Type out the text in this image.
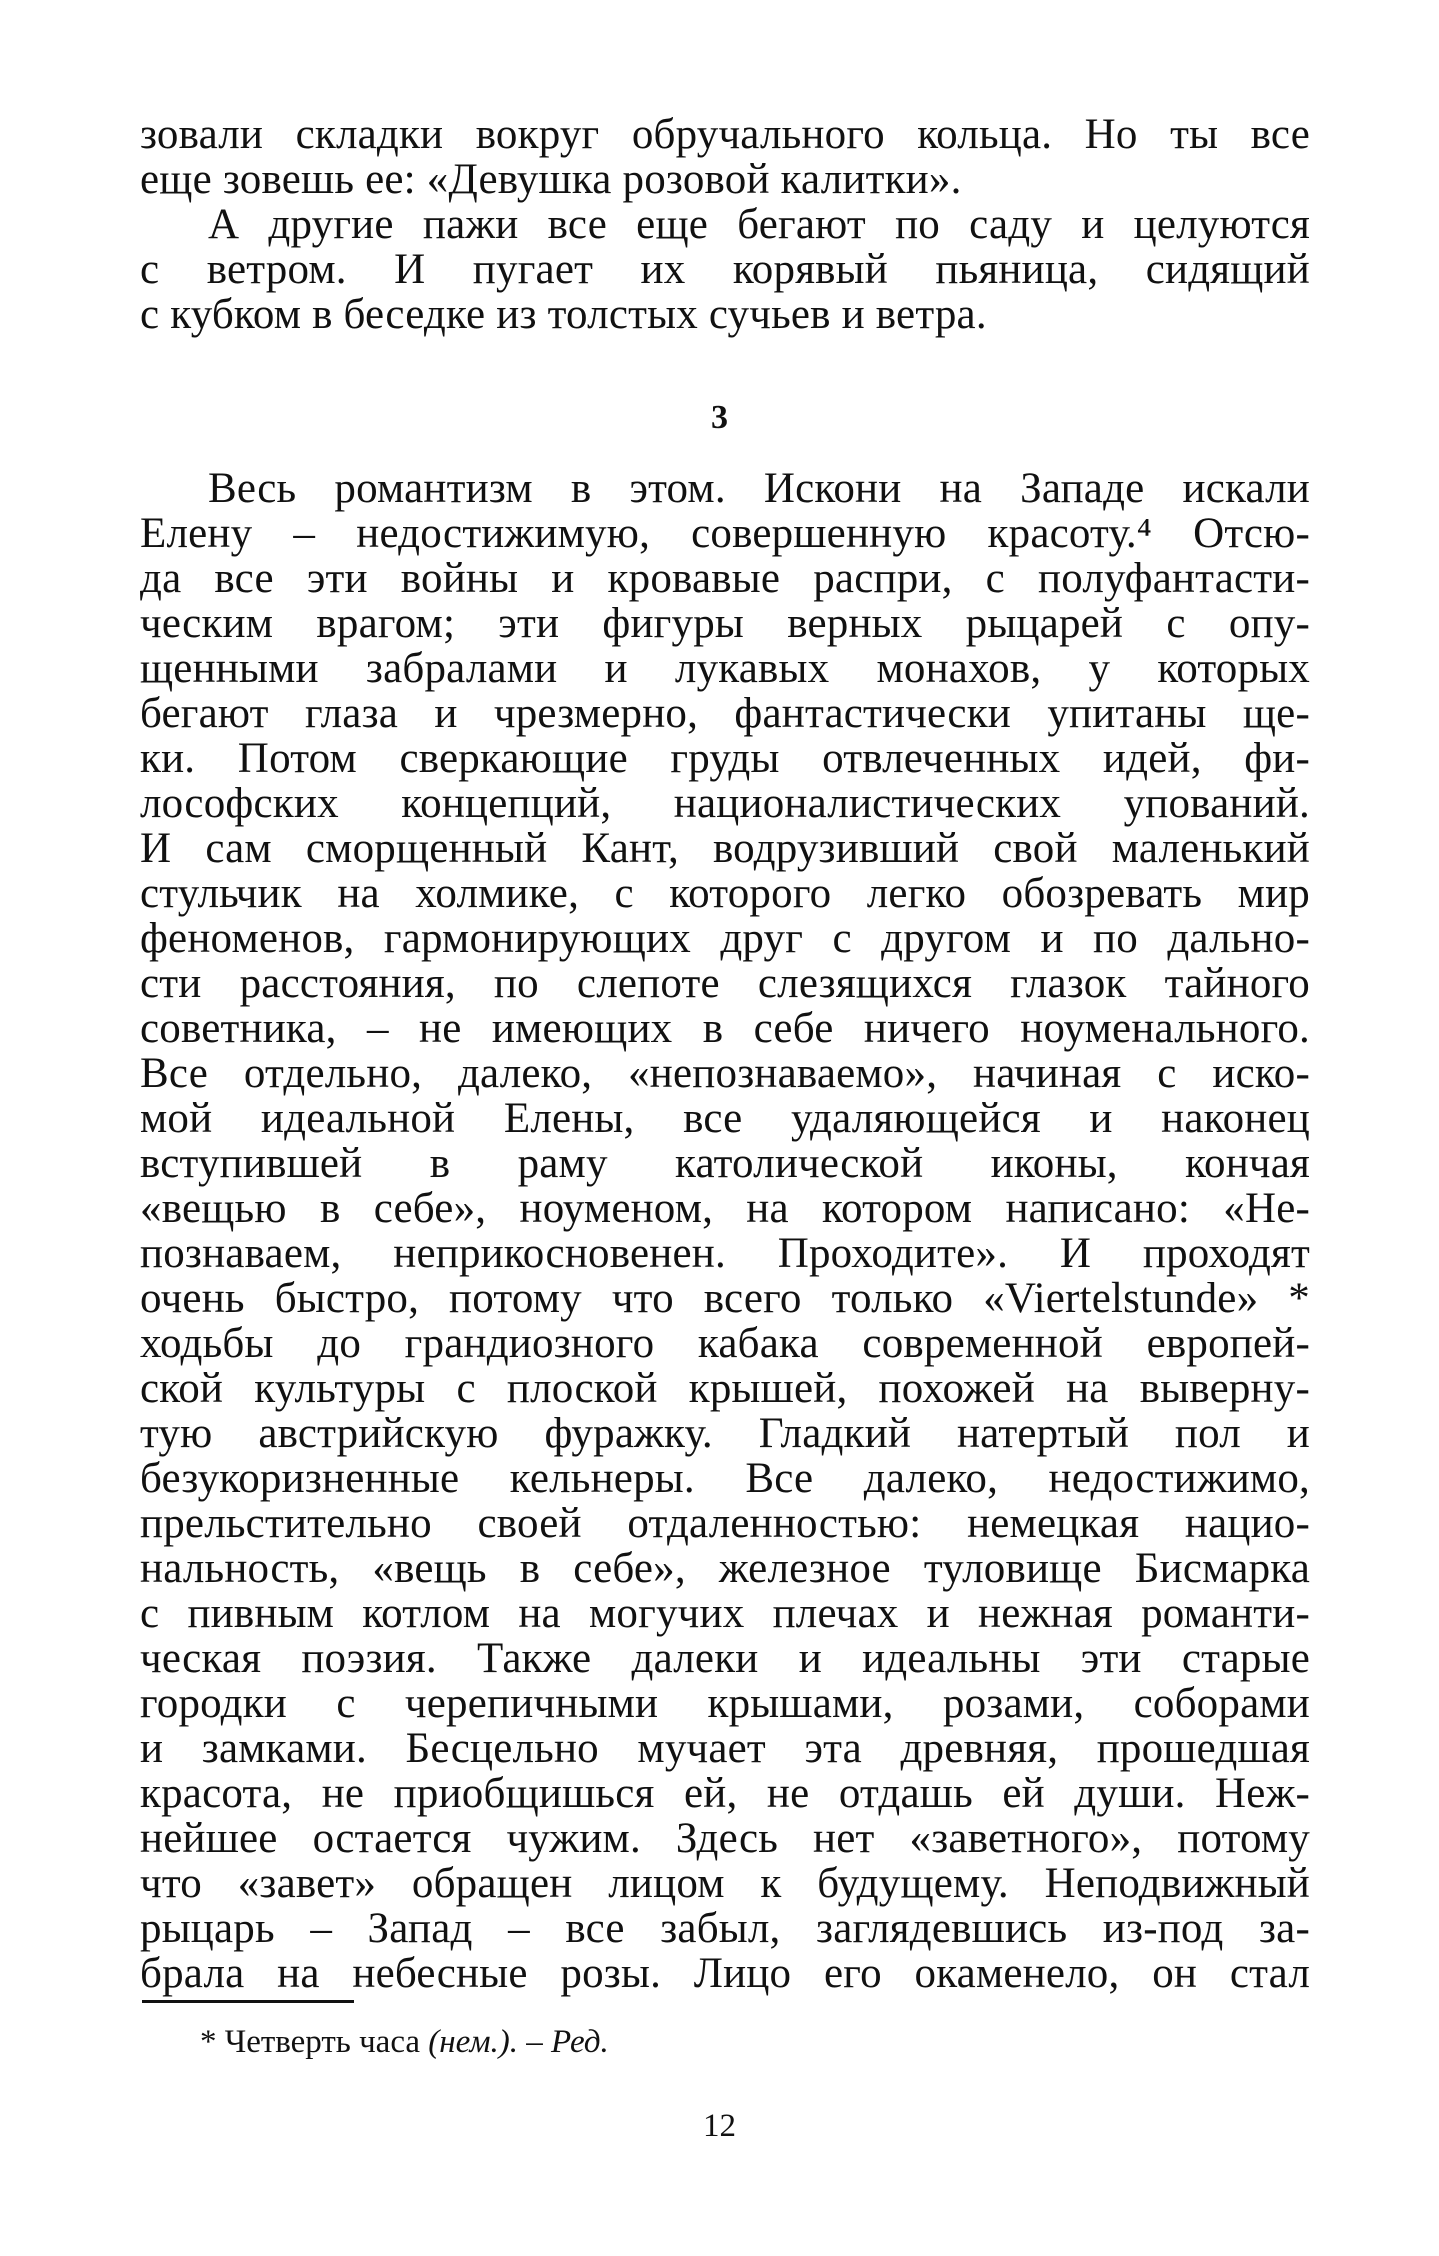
зовали складки вокруг обручального кольца. Но ты все
еще зовешь ее: «Девушка розовой калитки».
А другие пажи все еще бегают по саду и целуются
с ветром. И пугает их корявый пьяница, сидящий
с кубком в беседке из толстых сучьев и ветра.
3
Весь романтизм в этом. Искони на Западе искали
Елену – недостижимую, совершенную красоту.⁴ Отсю-
да все эти войны и кровавые распри, с полуфантасти-
ческим врагом; эти фигуры верных рыцарей с опу-
щенными забралами и лукавых монахов, у которых
бегают глаза и чрезмерно, фантастически упитаны ще-
ки. Потом сверкающие груды отвлеченных идей, фи-
лософских концепций, националистических упований.
И сам сморщенный Кант, водрузивший свой маленький
стульчик на холмике, с которого легко обозревать мир
феноменов, гармонирующих друг с другом и по дально-
сти расстояния, по слепоте слезящихся глазок тайного
советника, – не имеющих в себе ничего ноуменального.
Все отдельно, далеко, «непознаваемо», начиная с иско-
мой идеальной Елены, все удаляющейся и наконец
вступившей в раму католической иконы, кончая
«вещью в себе», ноуменом, на котором написано: «Не-
познаваем, неприкосновенен. Проходите». И проходят
очень быстро, потому что всего только «Viertelstunde» *
ходьбы до грандиозного кабака современной европей-
ской культуры с плоской крышей, похожей на выверну-
тую австрийскую фуражку. Гладкий натертый пол и
безукоризненные кельнеры. Все далеко, недостижимо,
прельстительно своей отдаленностью: немецкая нацио-
нальность, «вещь в себе», железное туловище Бисмарка
с пивным котлом на могучих плечах и нежная романти-
ческая поэзия. Также далеки и идеальны эти старые
городки с черепичными крышами, розами, соборами
и замками. Бесцельно мучает эта древняя, прошедшая
красота, не приобщишься ей, не отдашь ей души. Неж-
нейшее остается чужим. Здесь нет «заветного», потому
что «завет» обращен лицом к будущему. Неподвижный
рыцарь – Запад – все забыл, заглядевшись из-под за-
брала на небесные розы. Лицо его окаменело, он стал
* Четверть часа (нем.). – Ред.
12
